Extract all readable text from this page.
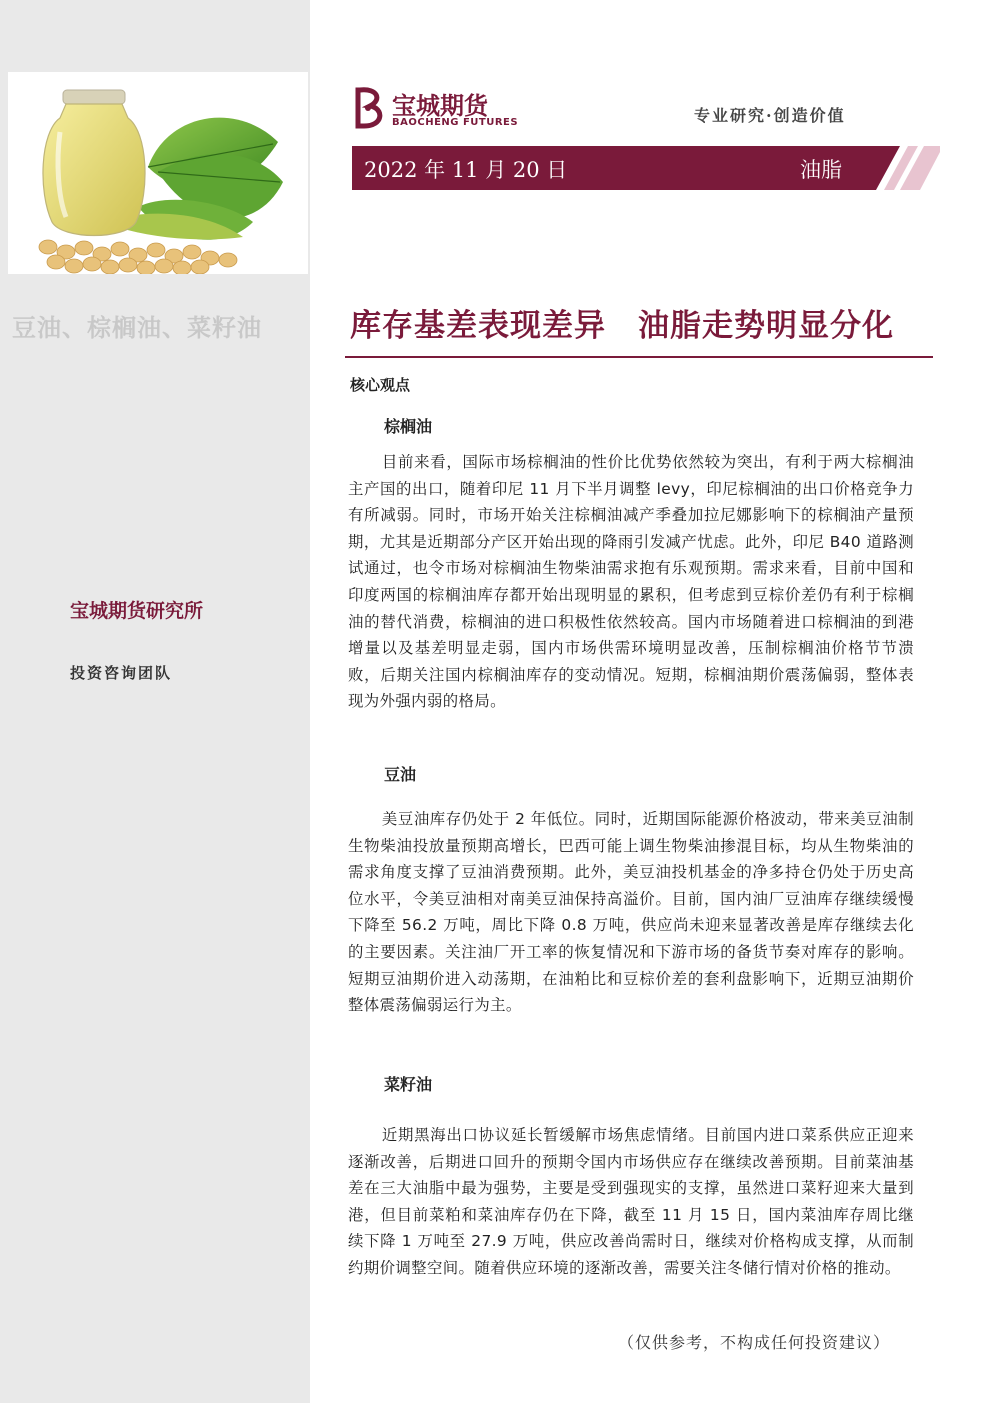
豆油、棕榈油、菜籽油
宝城期货研究所
投资咨询团队
宝城期货
BAOCHENG FUTURES	专业研究·创造价值
2022 年 11 月 20 日	油脂
库存基差表现差异　油脂走势明显分化
核心观点
棕榈油
目前来看，国际市场棕榈油的性价比优势依然较为突出，有利于两大棕榈油主产国的出口，随着印尼 11 月下半月调整 levy，印尼棕榈油的出口价格竞争力有所减弱。同时，市场开始关注棕榈油减产季叠加拉尼娜影响下的棕榈油产量预期，尤其是近期部分产区开始出现的降雨引发减产忧虑。此外，印尼 B40 道路测试通过，也令市场对棕榈油生物柴油需求抱有乐观预期。需求来看，目前中国和印度两国的棕榈油库存都开始出现明显的累积，但考虑到豆棕价差仍有利于棕榈油的替代消费，棕榈油的进口积极性依然较高。国内市场随着进口棕榈油的到港增量以及基差明显走弱，国内市场供需环境明显改善，压制棕榈油价格节节溃败，后期关注国内棕榈油库存的变动情况。短期，棕榈油期价震荡偏弱，整体表现为外强内弱的格局。
豆油
美豆油库存仍处于 2 年低位。同时，近期国际能源价格波动，带来美豆油制生物柴油投放量预期高增长，巴西可能上调生物柴油掺混目标，均从生物柴油的需求角度支撑了豆油消费预期。此外，美豆油投机基金的净多持仓仍处于历史高位水平，令美豆油相对南美豆油保持高溢价。目前，国内油厂豆油库存继续缓慢下降至 56.2 万吨，周比下降 0.8 万吨，供应尚未迎来显著改善是库存继续去化的主要因素。关注油厂开工率的恢复情况和下游市场的备货节奏对库存的影响。短期豆油期价进入动荡期，在油粕比和豆棕价差的套利盘影响下，近期豆油期价整体震荡偏弱运行为主。
菜籽油
近期黑海出口协议延长暂缓解市场焦虑情绪。目前国内进口菜系供应正迎来逐渐改善，后期进口回升的预期令国内市场供应存在继续改善预期。目前菜油基差在三大油脂中最为强势，主要是受到强现实的支撑，虽然进口菜籽迎来大量到港，但目前菜粕和菜油库存仍在下降，截至 11 月 15 日，国内菜油库存周比继续下降 1 万吨至 27.9 万吨，供应改善尚需时日，继续对价格构成支撑，从而制约期价调整空间。随着供应环境的逐渐改善，需要关注冬储行情对价格的推动。
（仅供参考，不构成任何投资建议）
